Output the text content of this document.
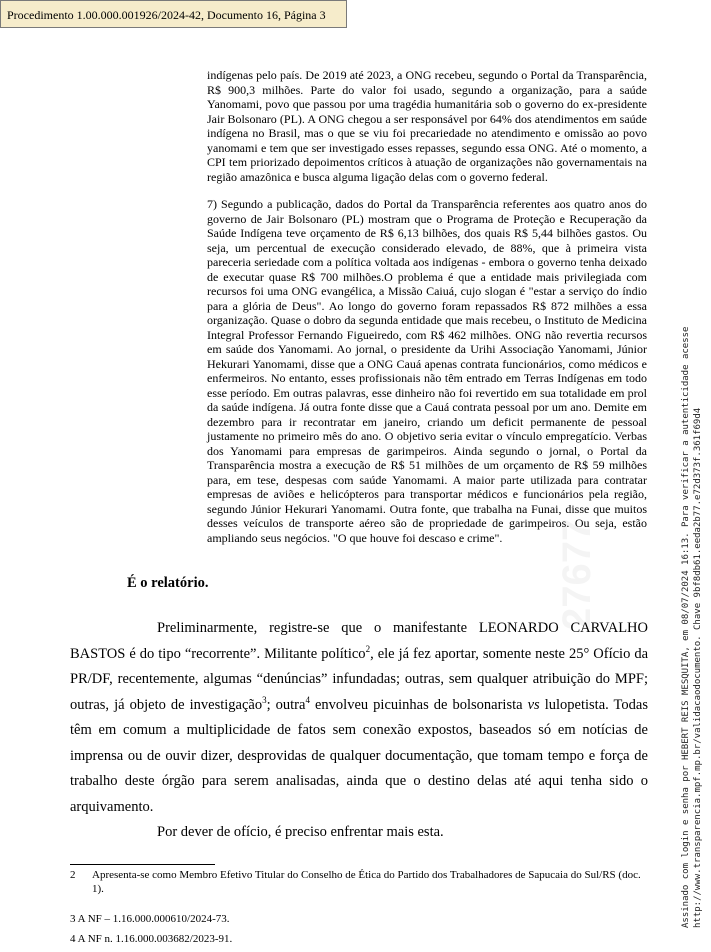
Procedimento 1.00.000.001926/2024-42, Documento 16, Página 3

indígenas pelo país. De 2019 até 2023, a ONG recebeu, segundo o Portal da Transparência, R$ 900,3 milhões. Parte do valor foi usado, segundo a organização, para a saúde Yanomami, povo que passou por uma tragédia humanitária sob o governo do ex-presidente Jair Bolsonaro (PL). A ONG chegou a ser responsável por 64% dos atendimentos em saúde indígena no Brasil, mas o que se viu foi precariedade no atendimento e omissão ao povo yanomami e tem que ser investigado esses repasses, segundo essa ONG. Até o momento, a CPI tem priorizado depoimentos críticos à atuação de organizações não governamentais na região amazônica e busca alguma ligação delas com o governo federal.

7) Segundo a publicação, dados do Portal da Transparência referentes aos quatro anos do governo de Jair Bolsonaro (PL) mostram que o Programa de Proteção e Recuperação da Saúde Indígena teve orçamento de R$ 6,13 bilhões, dos quais R$ 5,44 bilhões gastos. Ou seja, um percentual de execução considerado elevado, de 88%, que à primeira vista pareceria seriedade com a política voltada aos indígenas - embora o governo tenha deixado de executar quase R$ 700 milhões.O problema é que a entidade mais privilegiada com recursos foi uma ONG evangélica, a Missão Caiuá, cujo slogan é "estar a serviço do índio para a glória de Deus". Ao longo do governo foram repassados R$ 872 milhões a essa organização. Quase o dobro da segunda entidade que mais recebeu, o Instituto de Medicina Integral Professor Fernando Figueiredo, com R$ 462 milhões. ONG não revertia recursos em saúde dos Yanomami. Ao jornal, o presidente da Urihi Associação Yanomami, Júnior Hekurari Yanomami, disse que a ONG Cauá apenas contrata funcionários, como médicos e enfermeiros. No entanto, esses profissionais não têm entrado em Terras Indígenas em todo esse período. Em outras palavras, esse dinheiro não foi revertido em sua totalidade em prol da saúde indígena. Já outra fonte disse que a Cauá contrata pessoal por um ano. Demite em dezembro para ir recontratar em janeiro, criando um deficit permanente de pessoal justamente no primeiro mês do ano. O objetivo seria evitar o vínculo empregatício. Verbas dos Yanomami para empresas de garimpeiros. Ainda segundo o jornal, o Portal da Transparência mostra a execução de R$ 51 milhões de um orçamento de R$ 59 milhões para, em tese, despesas com saúde Yanomami. A maior parte utilizada para contratar empresas de aviões e helicópteros para transportar médicos e funcionários pela região, segundo Júnior Hekurari Yanomami. Outra fonte, que trabalha na Funai, disse que muitos desses veículos de transporte aéreo são de propriedade de garimpeiros. Ou seja, estão ampliando seus negócios. "O que houve foi descaso e crime".	27677
É o relatório.

Preliminarmente, registre-se que o manifestante LEONARDO CARVALHO BASTOS é do tipo “recorrente”. Militante político$^2$, ele já fez aportar, somente neste 25° Ofício da PR/DF, recentemente, algumas “denúncias” infundadas; outras, sem qualquer atribuição do MPF; outras, já objeto de investigação$^3$; outra$^4$ envolveu picuinhas de bolsonarista vs lulopetista. Todas têm em comum a multiplicidade de fatos sem conexão expostos, baseados só em notícias de imprensa ou de ouvir dizer, desprovidas de qualquer documentação, que tomam tempo e força de trabalho deste órgão para serem analisadas, ainda que o destino delas até aqui tenha sido o arquivamento.

Por dever de ofício, é preciso enfrentar mais esta.

2	Apresenta-se como Membro Efetivo Titular do Conselho de Ética do Partido dos Trabalhadores de Sapucaia do Sul/RS (doc. 1).

3 A NF – 1.16.000.000610/2024-73.

4 A NF n. 1.16.000.003682/2023-91.

Assinado com login e senha por HEBERT REIS MESQUITA, em 08/07/2024 16:13. Para verificar a autenticidade acesse http://www.transparencia.mpf.mp.br/validacaodocumento. Chave 9bf8db61.eeda2b77.e72d373f.361f69d4
